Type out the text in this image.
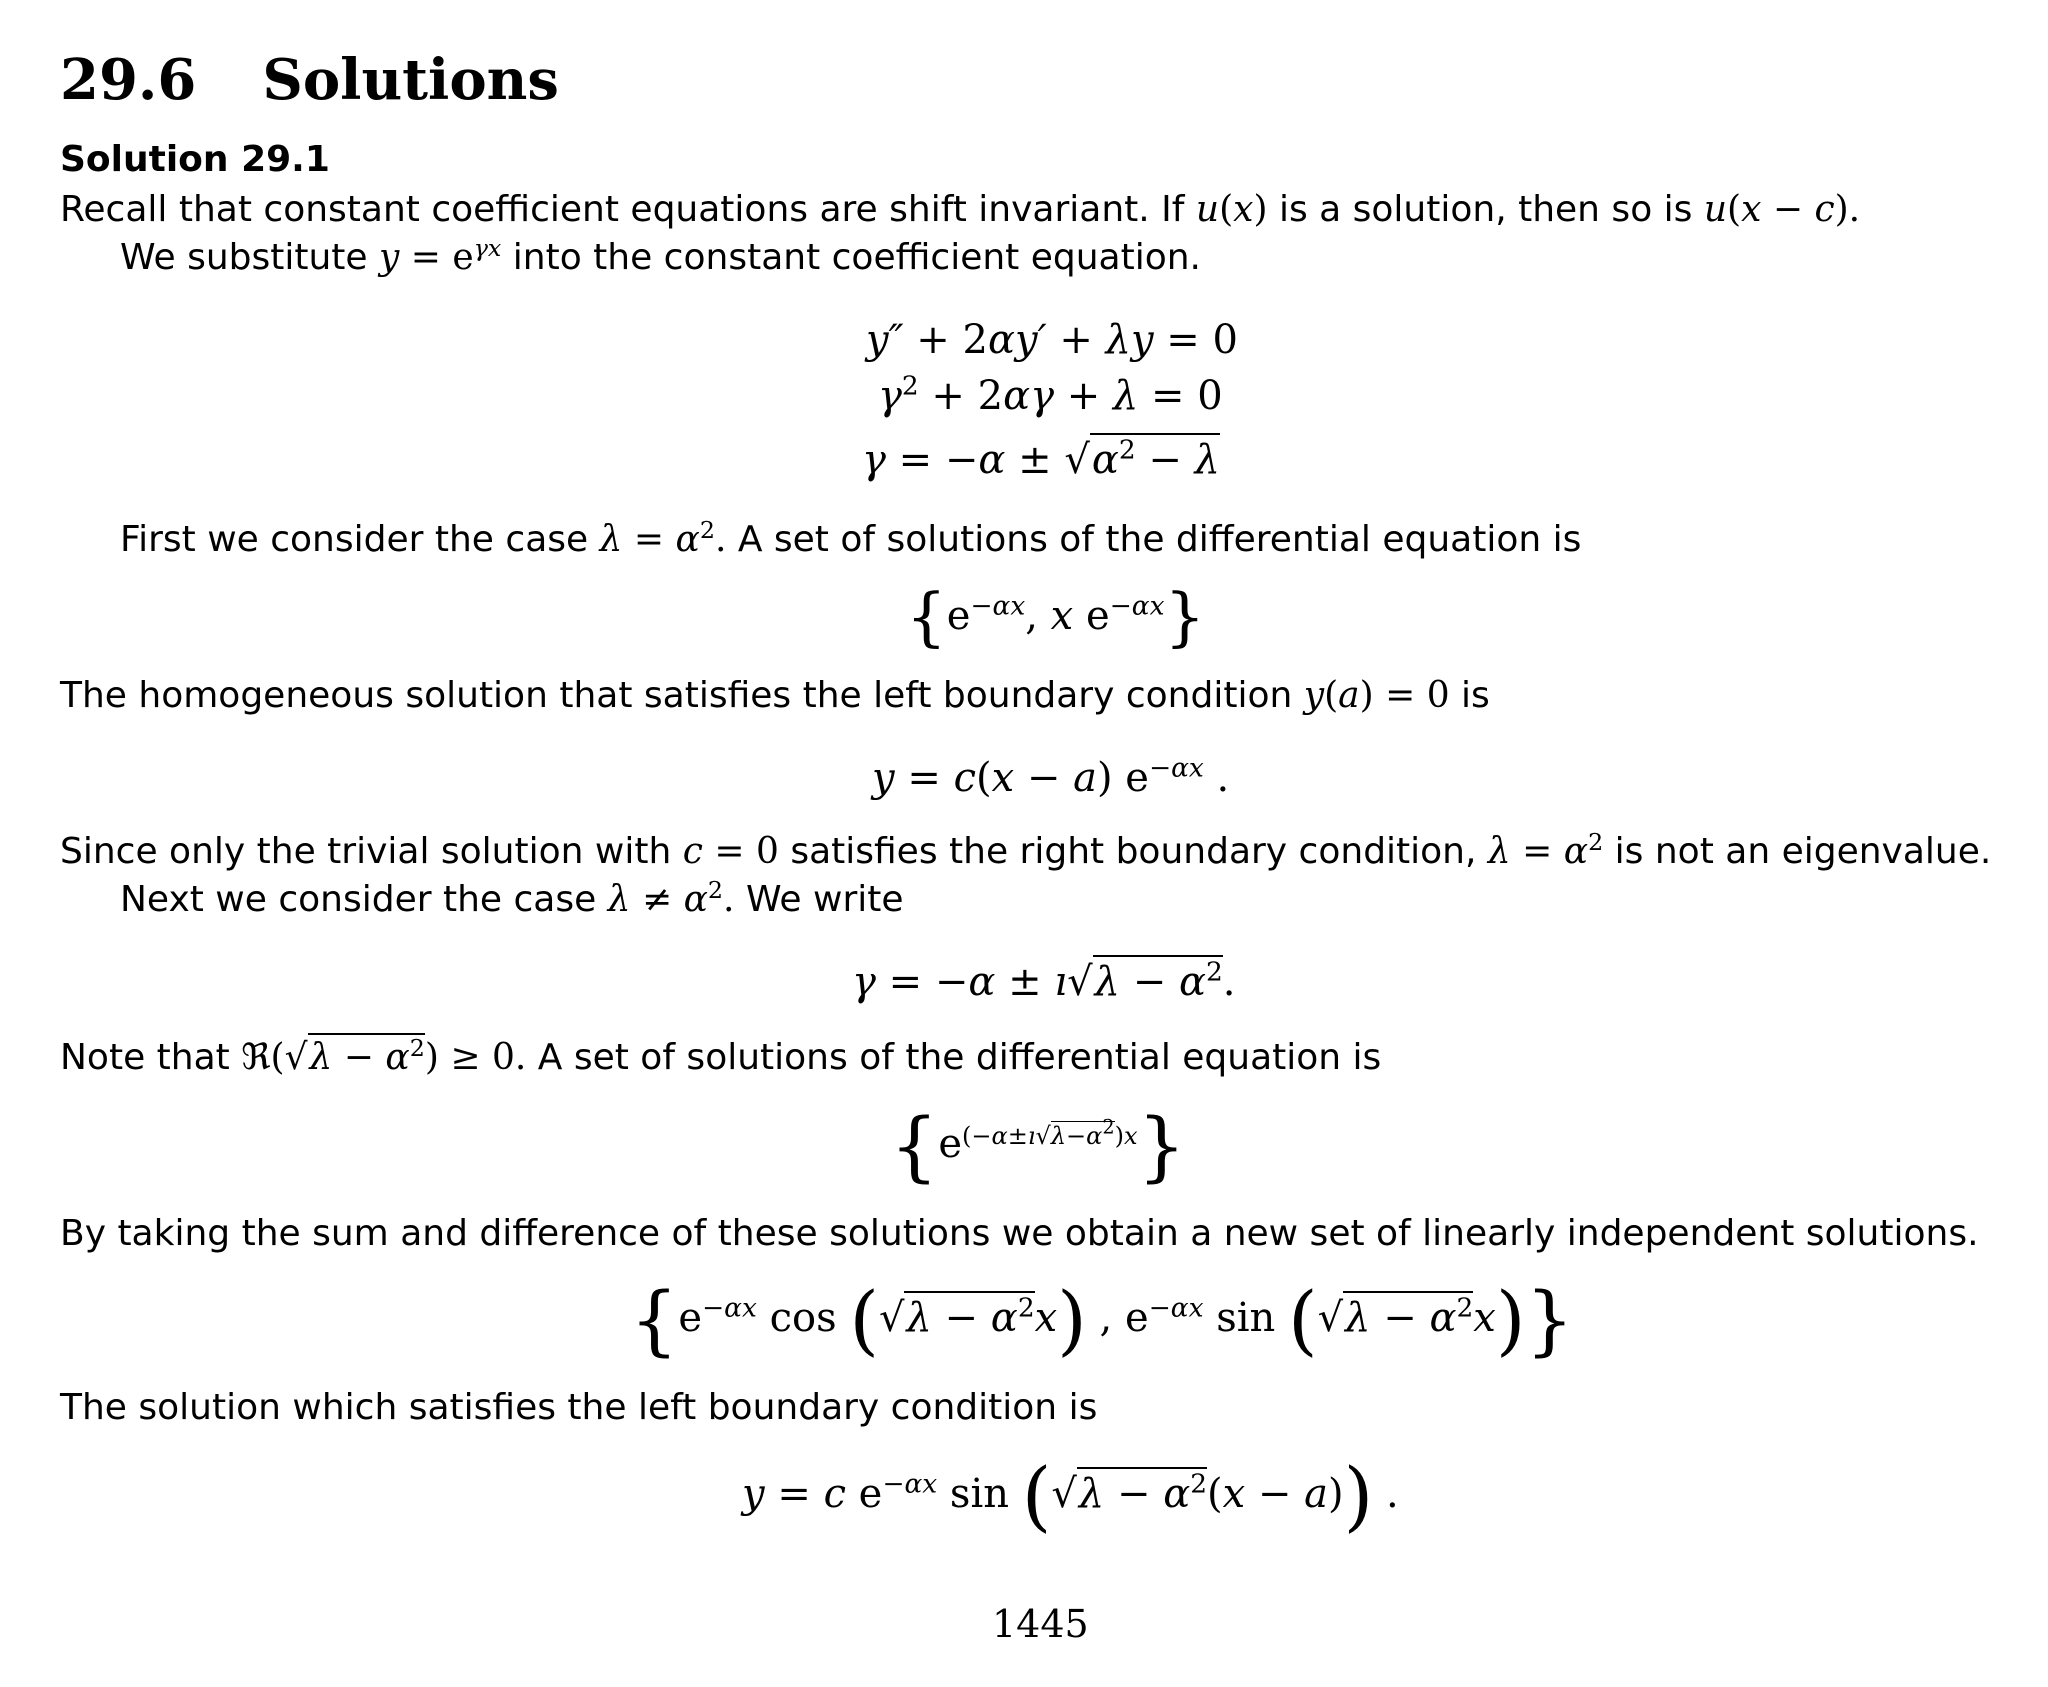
29.6 Solutions
Solution 29.1
Recall that constant coefficient equations are shift invariant. If u(x) is a solution, then so is u(x − c).
We substitute $y = e^{\gamma x}$ into the constant coefficient equation.
y″ + 2αy′ + λy = 0
$\gamma^2 + 2\alpha\gamma + \lambda = 0$
$\gamma = -\alpha \pm √\alpha^2 - \lambda$
First we consider the case $\lambda = \alpha^2$. A set of solutions of the differential equation is
{$e^{-\alpha x}$, x $e^{-\alpha x}$}
The homogeneous solution that satisfies the left boundary condition y(a) = 0 is
y = c(x − a) $e^{-\alpha x}$ .
Since only the trivial solution with c = 0 satisfies the right boundary condition, $\lambda = \alpha^2$ is not an eigenvalue.
Next we consider the case $\lambda \ne \alpha^2$. We write
γ = −α ± ı√λ − $\alpha^2$.
Note that ℜ(√λ − $\alpha^2) \ge 0$. A set of solutions of the differential equation is
$\{e^{(-\alpha\pm ı√\lambda-\alpha^2)x}\}$
By taking the sum and difference of these solutions we obtain a new set of linearly independent solutions.
{$e^{-\alpha x}$ $\cos (√\lambda - \alpha^2x)$ , $e^{-\alpha x}$ $\sin (√\lambda - \alpha^2x)$}
The solution which satisfies the left boundary condition is
y = c $e^{-\alpha x}$ $\sin (√\lambda - \alpha^2(x - a))$ .
1445
